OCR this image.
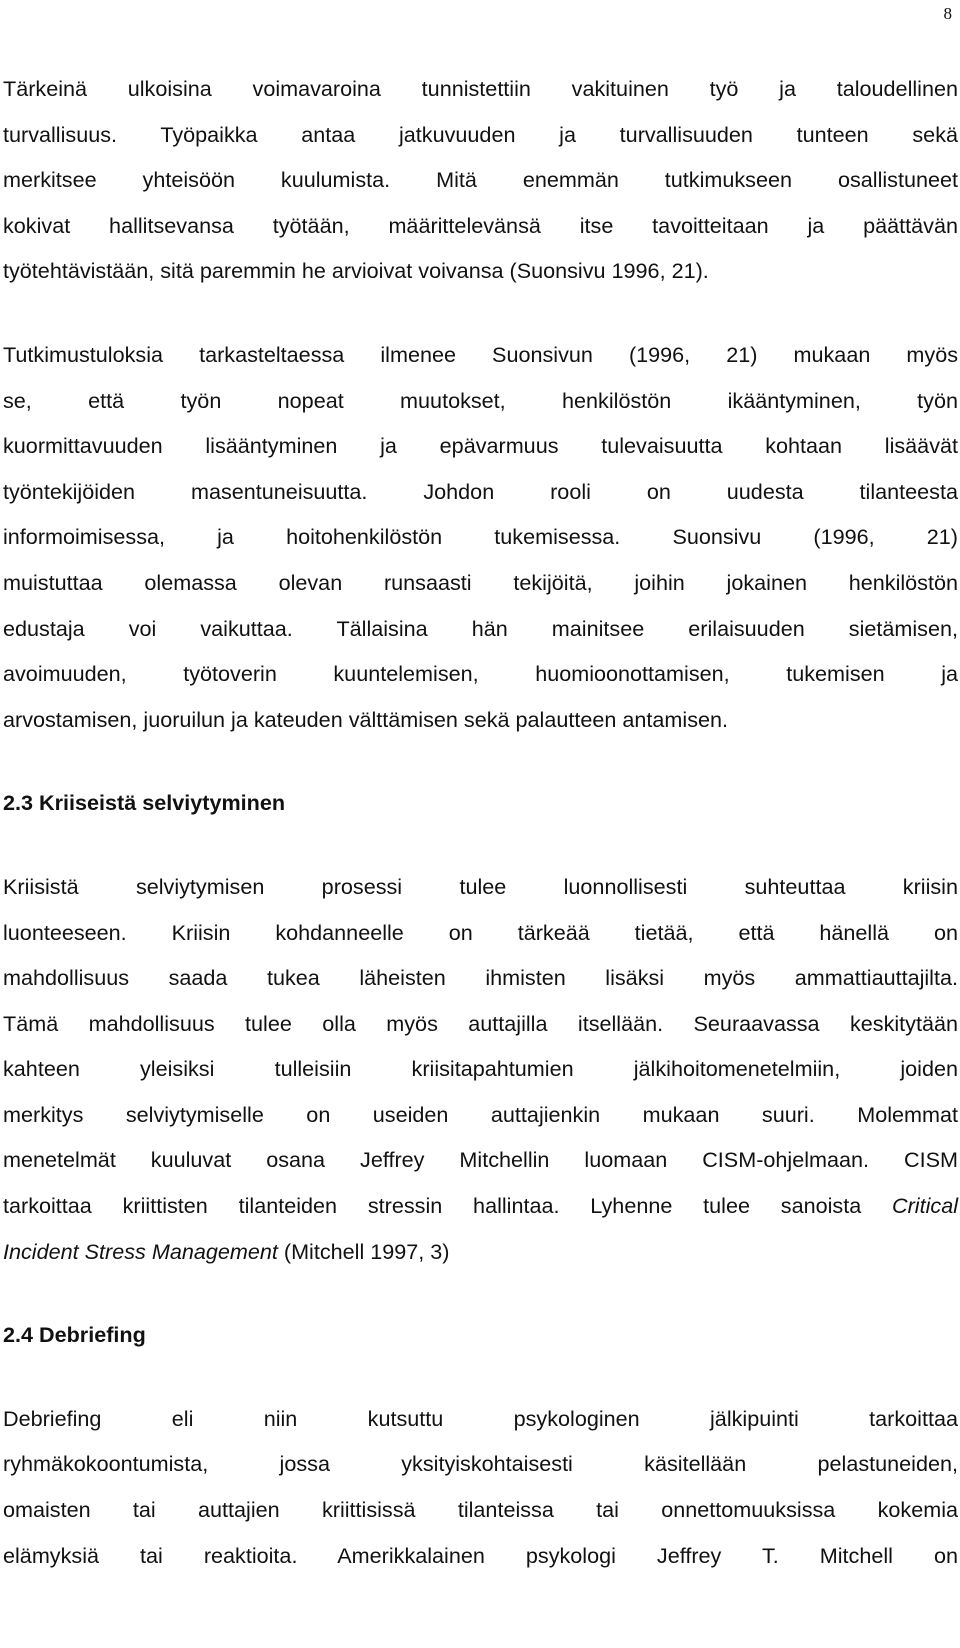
8

Tärkeinä ulkoisina voimavaroina tunnistettiin vakituinen työ ja taloudellinen
turvallisuus. Työpaikka antaa jatkuvuuden ja turvallisuuden tunteen sekä
merkitsee yhteisöön kuulumista. Mitä enemmän tutkimukseen osallistuneet
kokivat hallitsevansa työtään, määrittelevänsä itse tavoitteitaan ja päättävän
työtehtävistään, sitä paremmin he arvioivat voivansa (Suonsivu 1996, 21).

Tutkimustuloksia tarkasteltaessa ilmenee Suonsivun (1996, 21) mukaan myös
se, että työn nopeat muutokset, henkilöstön ikääntyminen, työn
kuormittavuuden lisääntyminen ja epävarmuus tulevaisuutta kohtaan lisäävät
työntekijöiden masentuneisuutta. Johdon rooli on uudesta tilanteesta
informoimisessa, ja hoitohenkilöstön tukemisessa. Suonsivu (1996, 21)
muistuttaa olemassa olevan runsaasti tekijöitä, joihin jokainen henkilöstön
edustaja voi vaikuttaa. Tällaisina hän mainitsee erilaisuuden sietämisen,
avoimuuden, työtoverin kuuntelemisen, huomioonottamisen, tukemisen ja
arvostamisen, juoruilun ja kateuden välttämisen sekä palautteen antamisen.

2.3 Kriiseistä selviytyminen

Kriisistä selviytymisen prosessi tulee luonnollisesti suhteuttaa kriisin
luonteeseen. Kriisin kohdanneelle on tärkeää tietää, että hänellä on
mahdollisuus saada tukea läheisten ihmisten lisäksi myös ammattiauttajilta.
Tämä mahdollisuus tulee olla myös auttajilla itsellään. Seuraavassa keskitytään
kahteen yleisiksi tulleisiin kriisitapahtumien jälkihoitomenetelmiin, joiden
merkitys selviytymiselle on useiden auttajienkin mukaan suuri. Molemmat
menetelmät kuuluvat osana Jeffrey Mitchellin luomaan CISM-ohjelmaan. CISM
tarkoittaa kriittisten tilanteiden stressin hallintaa. Lyhenne tulee sanoista Critical
Incident Stress Management (Mitchell 1997, 3)

2.4 Debriefing

Debriefing eli niin kutsuttu psykologinen jälkipuinti tarkoittaa
ryhmäkokoontumista, jossa yksityiskohtaisesti käsitellään pelastuneiden,
omaisten tai auttajien kriittisissä tilanteissa tai onnettomuuksissa kokemia
elämyksiä tai reaktioita. Amerikkalainen psykologi Jeffrey T. Mitchell on
